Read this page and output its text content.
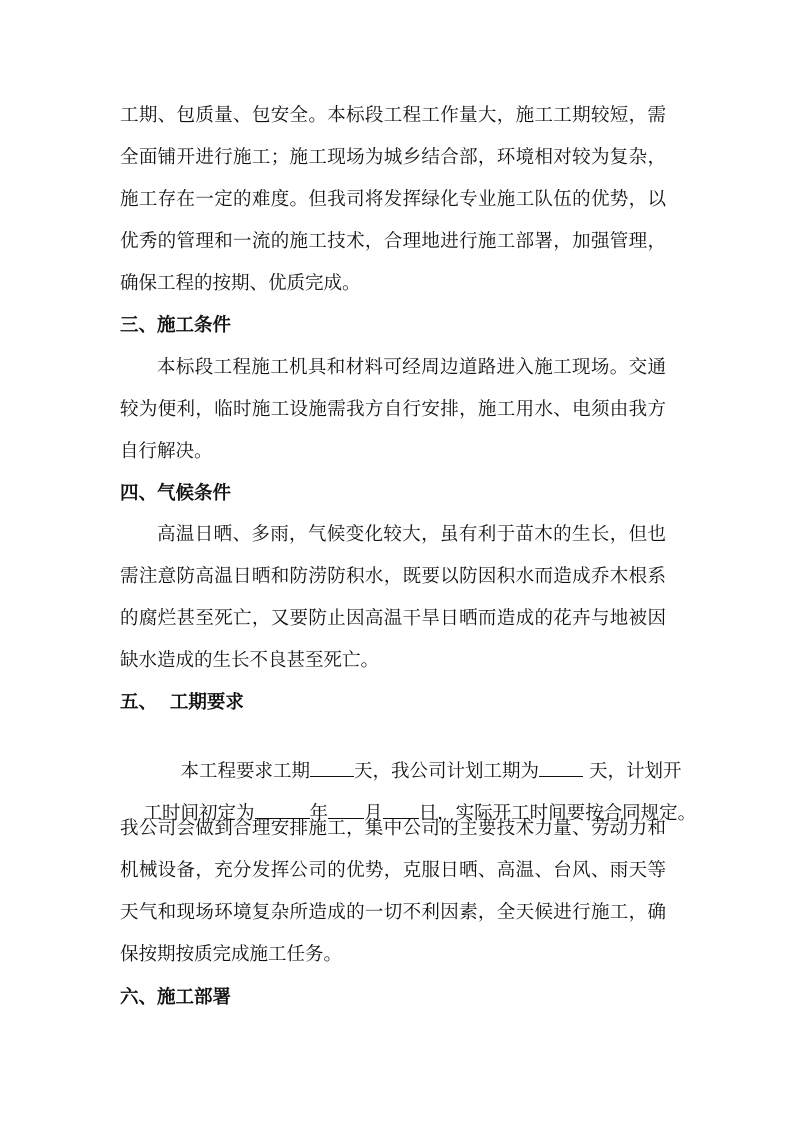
工期、包质量、包安全。本标段工程工作量大，施工工期较短，需
全面铺开进行施工；施工现场为城乡结合部，环境相对较为复杂，
施工存在一定的难度。但我司将发挥绿化专业施工队伍的优势，以
优秀的管理和一流的施工技术，合理地进行施工部署，加强管理，
确保工程的按期、优质完成。
三、施工条件
本标段工程施工机具和材料可经周边道路进入施工现场。交通
较为便利，临时施工设施需我方自行安排，施工用水、电须由我方
自行解决。
四、气候条件
高温日晒、多雨，气候变化较大，虽有利于苗木的生长，但也
需注意防高温日晒和防涝防积水，既要以防因积水而造成乔木根系
的腐烂甚至死亡，又要防止因高温干旱日晒而造成的花卉与地被因
缺水造成的生长不良甚至死亡。
五、  工期要求

本工程要求工期 天，我公司计划工期为 天，计划开

工时间初定为	年 月 日，实际开工时间要按合同规定。

我公司会做到合理安排施工，集中公司的主要技术力量、劳动力和
机械设备，充分发挥公司的优势，克服日晒、高温、台风、雨天等
天气和现场环境复杂所造成的一切不利因素，全天候进行施工，确
保按期按质完成施工任务。
六、施工部署
